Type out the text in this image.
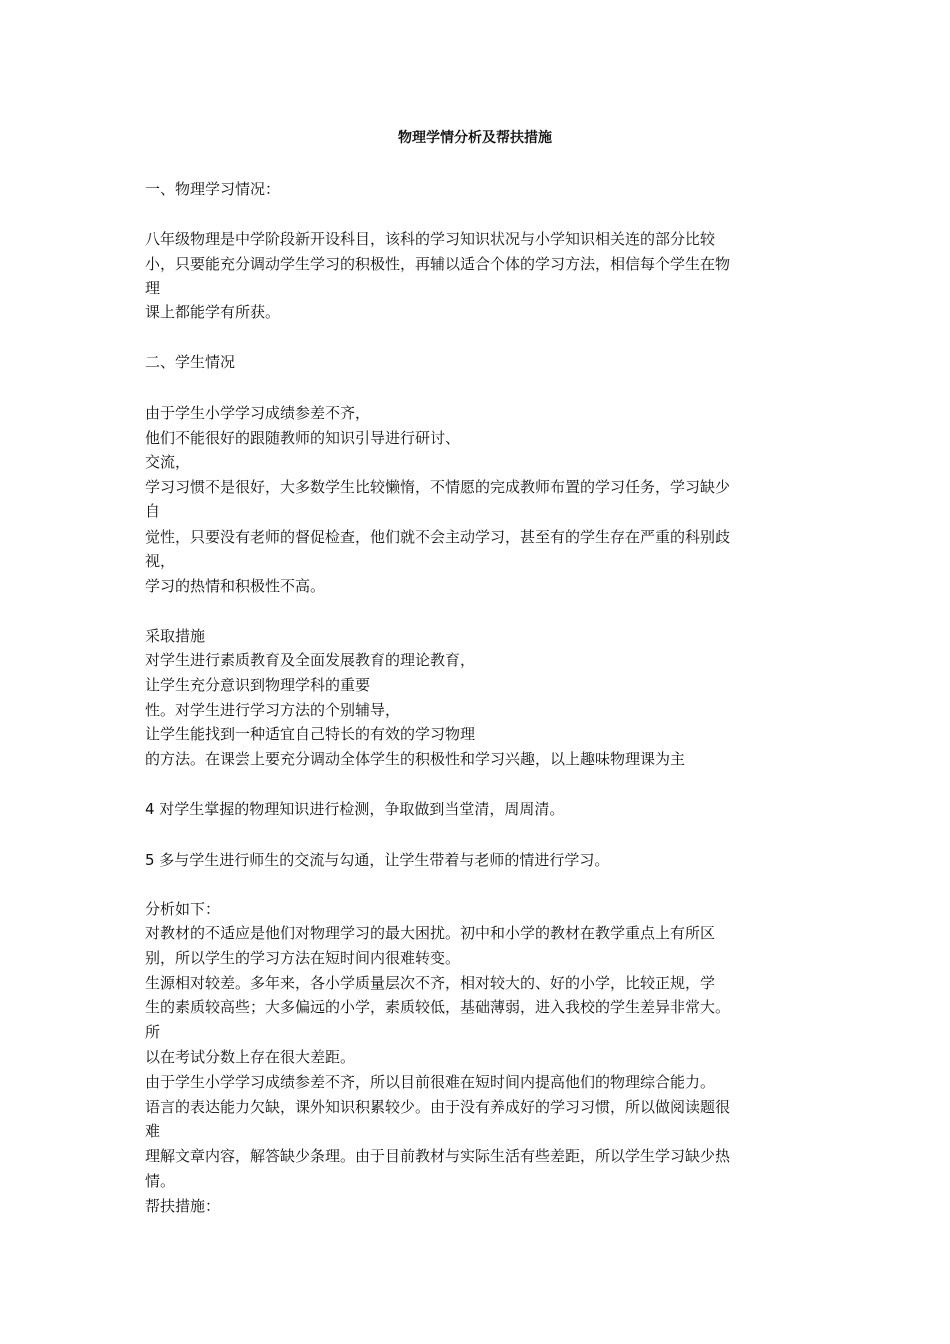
物理学情分析及帮扶措施
一、物理学习情况：
八年级物理是中学阶段新开设科目，该科的学习知识状况与小学知识相关连的部分比较
小，只要能充分调动学生学习的积极性，再辅以适合个体的学习方法，相信每个学生在物
理
课上都能学有所获。
二、学生情况
由于学生小学学习成绩参差不齐，
他们不能很好的跟随教师的知识引导进行研讨、
交流，
学习习惯不是很好，大多数学生比较懒惰，不情愿的完成教师布置的学习任务，学习缺少
自
觉性，只要没有老师的督促检查，他们就不会主动学习，甚至有的学生存在严重的科别歧
视，
学习的热情和积极性不高。
采取措施
对学生进行素质教育及全面发展教育的理论教育，
让学生充分意识到物理学科的重要
性。对学生进行学习方法的个别辅导，
让学生能找到一种适宜自己特长的有效的学习物理
的方法。在课尝上要充分调动全体学生的积极性和学习兴趣，以上趣味物理课为主
4 对学生掌握的物理知识进行检测，争取做到当堂清，周周清。
5 多与学生进行师生的交流与勾通，让学生带着与老师的情进行学习。
分析如下：
对教材的不适应是他们对物理学习的最大困扰。初中和小学的教材在教学重点上有所区
别，所以学生的学习方法在短时间内很难转变。
生源相对较差。多年来，各小学质量层次不齐，相对较大的、好的小学，比较正规，学
生的素质较高些；大多偏远的小学，素质较低，基础薄弱，进入我校的学生差异非常大。
所
以在考试分数上存在很大差距。
由于学生小学学习成绩参差不齐，所以目前很难在短时间内提高他们的物理综合能力。
语言的表达能力欠缺，课外知识积累较少。由于没有养成好的学习习惯，所以做阅读题很
难
理解文章内容，解答缺少条理。由于目前教材与实际生活有些差距，所以学生学习缺少热
情。
帮扶措施：
